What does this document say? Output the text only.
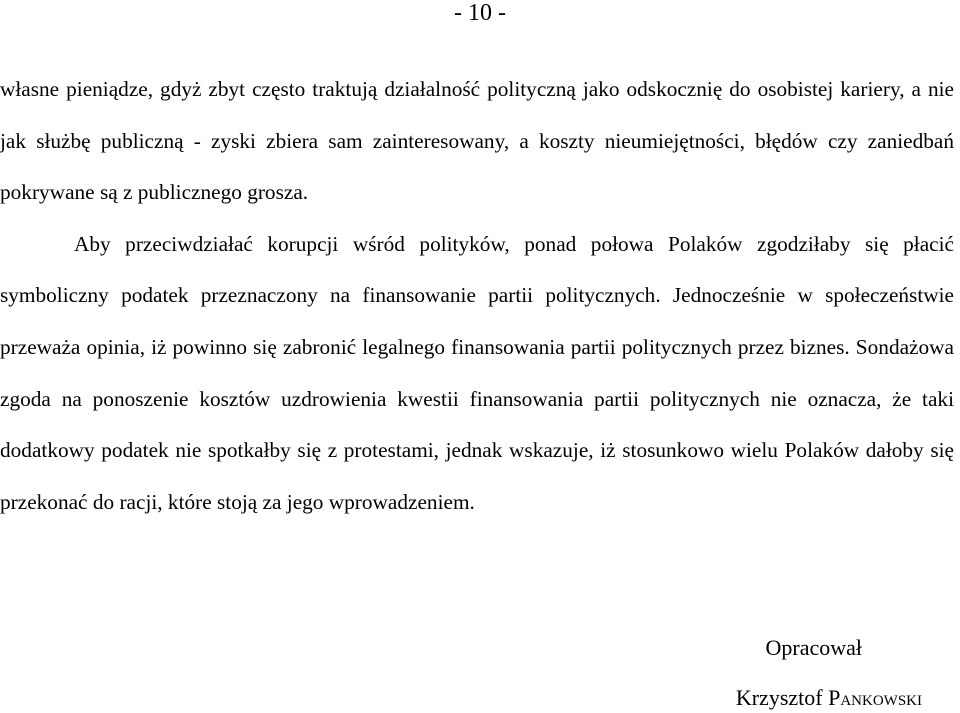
- 10 -

własne pieniądze, gdyż zbyt często traktują działalność polityczną jako odskocznię do osobistej kariery, a nie jak służbę publiczną - zyski zbiera sam zainteresowany, a koszty nieumiejętności, błędów czy zaniedbań pokrywane są z publicznego grosza.

Aby przeciwdziałać korupcji wśród polityków, ponad połowa Polaków zgodziłaby się płacić symboliczny podatek przeznaczony na finansowanie partii politycznych. Jednocześnie w społeczeństwie przeważa opinia, iż powinno się zabronić legalnego finansowania partii politycznych przez biznes. Sondażowa zgoda na ponoszenie kosztów uzdrowienia kwestii finansowania partii politycznych nie oznacza, że taki dodatkowy podatek nie spotkałby się z protestami, jednak wskazuje, iż stosunkowo wielu Polaków dałoby się przekonać do racji, które stoją za jego wprowadzeniem.

Opracował
Krzysztof Pankowski
